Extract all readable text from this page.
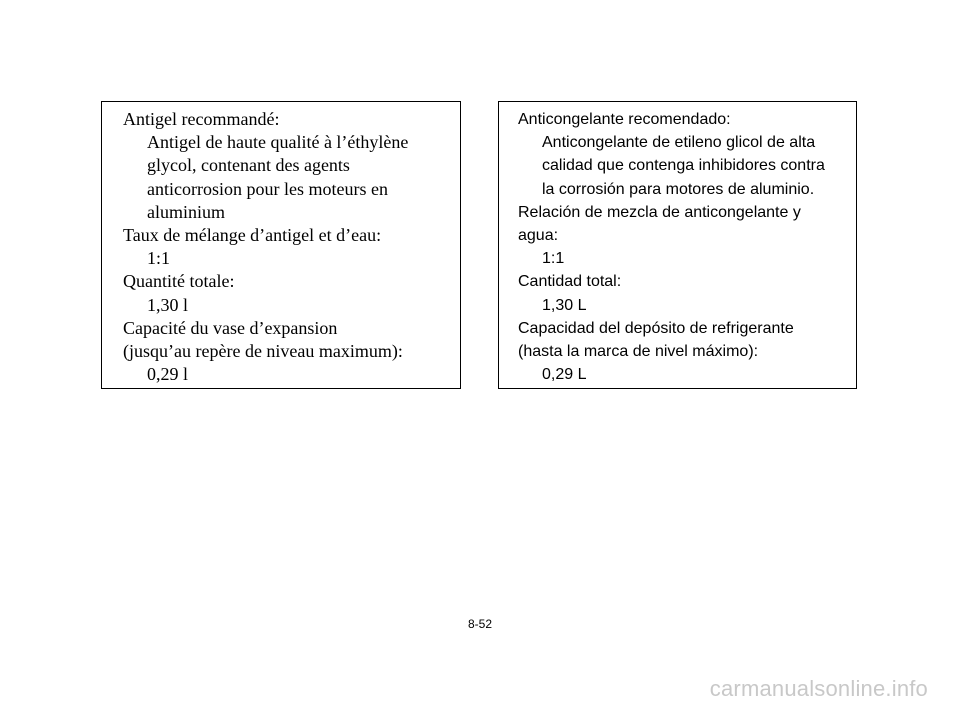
Antigel recommandé:
Antigel de haute qualité à l’éthylène
glycol, contenant des agents
anticorrosion pour les moteurs en
aluminium
Taux de mélange d’antigel et d’eau:
1:1
Quantité totale:
1,30 l
Capacité du vase d’expansion
(jusqu’au repère de niveau maximum):
0,29 l
Anticongelante recomendado:
Anticongelante de etileno glicol de alta
calidad que contenga inhibidores contra
la corrosión para motores de aluminio.
Relación de mezcla de anticongelante y
agua:
1:1
Cantidad total:
1,30 L
Capacidad del depósito de refrigerante
(hasta la marca de nivel máximo):
0,29 L
8-52
carmanualsonline.info
